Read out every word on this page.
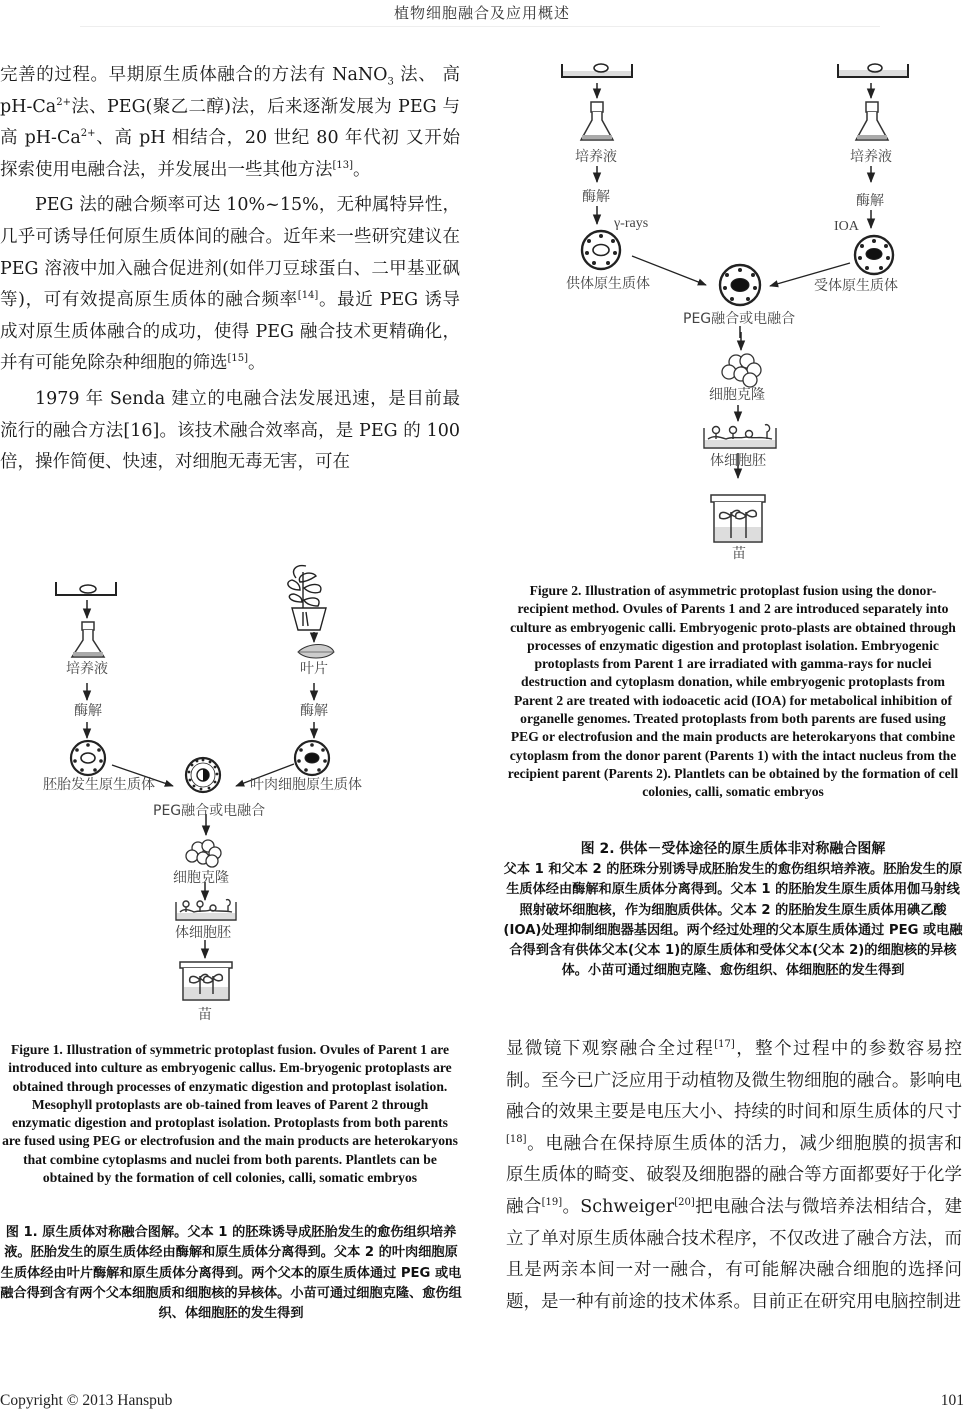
植物细胞融合及应用概述

完善的过程。早期原生质体融合的方法有 NaNO$_3$ 法、 高 $pH-Ca^{2+}$法、PEG(聚乙二醇)法，后来逐渐发展为 PEG 与高 $pH-Ca^{2+}$、高 pH 相结合，20 世纪 80 年代初 又开始探索使用电融合法，并发展出一些其他方法[13]。

PEG 法的融合频率可达 10%~15%，无种属特异性，几乎可诱导任何原生质体间的融合。近年来一些研究建议在 PEG 溶液中加入融合促进剂(如伴刀豆球蛋白、二甲基亚砜等)，可有效提高原生质体的融合频率[14]。最近 PEG 诱导成对原生质体融合的成功，使得 PEG 融合技术更精确化，并有可能免除杂种细胞的筛选[15]。

1979 年 Senda 建立的电融合法发展迅速，是目前最流行的融合方法[16]。该技术融合效率高，是 PEG 的 100 倍，操作简便、快速，对细胞无毒无害，可在

培养液
酶解
叶片
酶解
胚胎发生原生质体	叶肉细胞原生质体
PEG融合或电融合
细胞克隆
体细胞胚
苗
Figure 1. Illustration of symmetric protoplast fusion. Ovules of Parent 1 are introduced into culture as embryogenic callus. Em-bryogenic protoplasts are obtained through processes of enzymatic digestion and protoplast isolation. Mesophyll protoplasts are ob-tained from leaves of Parent 2 through enzymatic digestion and protoplast isolation. Protoplasts from both parents are fused using PEG or electrofusion and the main products are heterokaryons that combine cytoplasms and nuclei from both parents. Plantlets can be obtained by the formation of cell colonies, calli, somatic embryos
图 1. 原生质体对称融合图解。父本 1 的胚珠诱导成胚胎发生的愈伤组织培养液。胚胎发生的原生质体经由酶解和原生质体分离得到。父本 2 的叶肉细胞原生质体经由叶片酶解和原生质体分离得到。两个父本的原生质体通过 PEG 或电融合得到含有两个父本细胞质和细胞核的异核体。小苗可通过细胞克隆、愈伤组织、体细胞胚的发生得到
培养液	培养液
酶解	酶解
γ-rays	IOA
供体原生质体	受体原生质体
PEG融合或电融合
细胞克隆
体细胞胚
苗
Figure 2. Illustration of asymmetric protoplast fusion using the donor-recipient method. Ovules of Parents 1 and 2 are introduced separately into culture as embryogenic calli. Embryogenic proto-plasts are obtained through processes of enzymatic digestion and protoplast isolation. Embryogenic protoplasts from Parent 1 are irradiated with gamma-rays for nuclei destruction and cytoplasm donation, while embryogenic protoplasts from Parent 2 are treated with iodoacetic acid (IOA) for metabolical inhibition of organelle genomes. Treated protoplasts from both parents are fused using PEG or electrofusion and the main products are heterokaryons that combine cytoplasm from the donor parent (Parents 1) with the intact nucleus from the recipient parent (Parents 2). Plantlets can be obtained by the formation of cell colonies, calli, somatic embryos
图 2. 供体－受体途径的原生质体非对称融合图解
父本 1 和父本 2 的胚珠分别诱导成胚胎发生的愈伤组织培养液。胚胎发生的原生质体经由酶解和原生质体分离得到。父本 1 的胚胎发生原生质体用伽马射线照射破坏细胞核，作为细胞质供体。父本 2 的胚胎发生原生质体用碘乙酸(IOA)处理抑制细胞器基因组。两个经过处理的父本原生质体通过 PEG 或电融合得到含有供体父本(父本 1)的原生质体和受体父本(父本 2)的细胞核的异核体。小苗可通过细胞克隆、愈伤组织、体细胞胚的发生得到

显微镜下观察融合全过程[17]，整个过程中的参数容易控制。至今已广泛应用于动植物及微生物细胞的融合。影响电融合的效果主要是电压大小、持续的时间和原生质体的尺寸[18]。电融合在保持原生质体的活力，减少细胞膜的损害和原生质体的畸变、破裂及细胞器的融合等方面都要好于化学融合[19]。Schweiger[20]把电融合法与微培养法相结合，建立了单对原生质体融合技术程序，不仅改进了融合方法，而且是两亲本间一对一融合，有可能解决融合细胞的选择问题，是一种有前途的技术体系。目前正在研究用电脑控制进

Copyright © 2013 Hanspub	101
